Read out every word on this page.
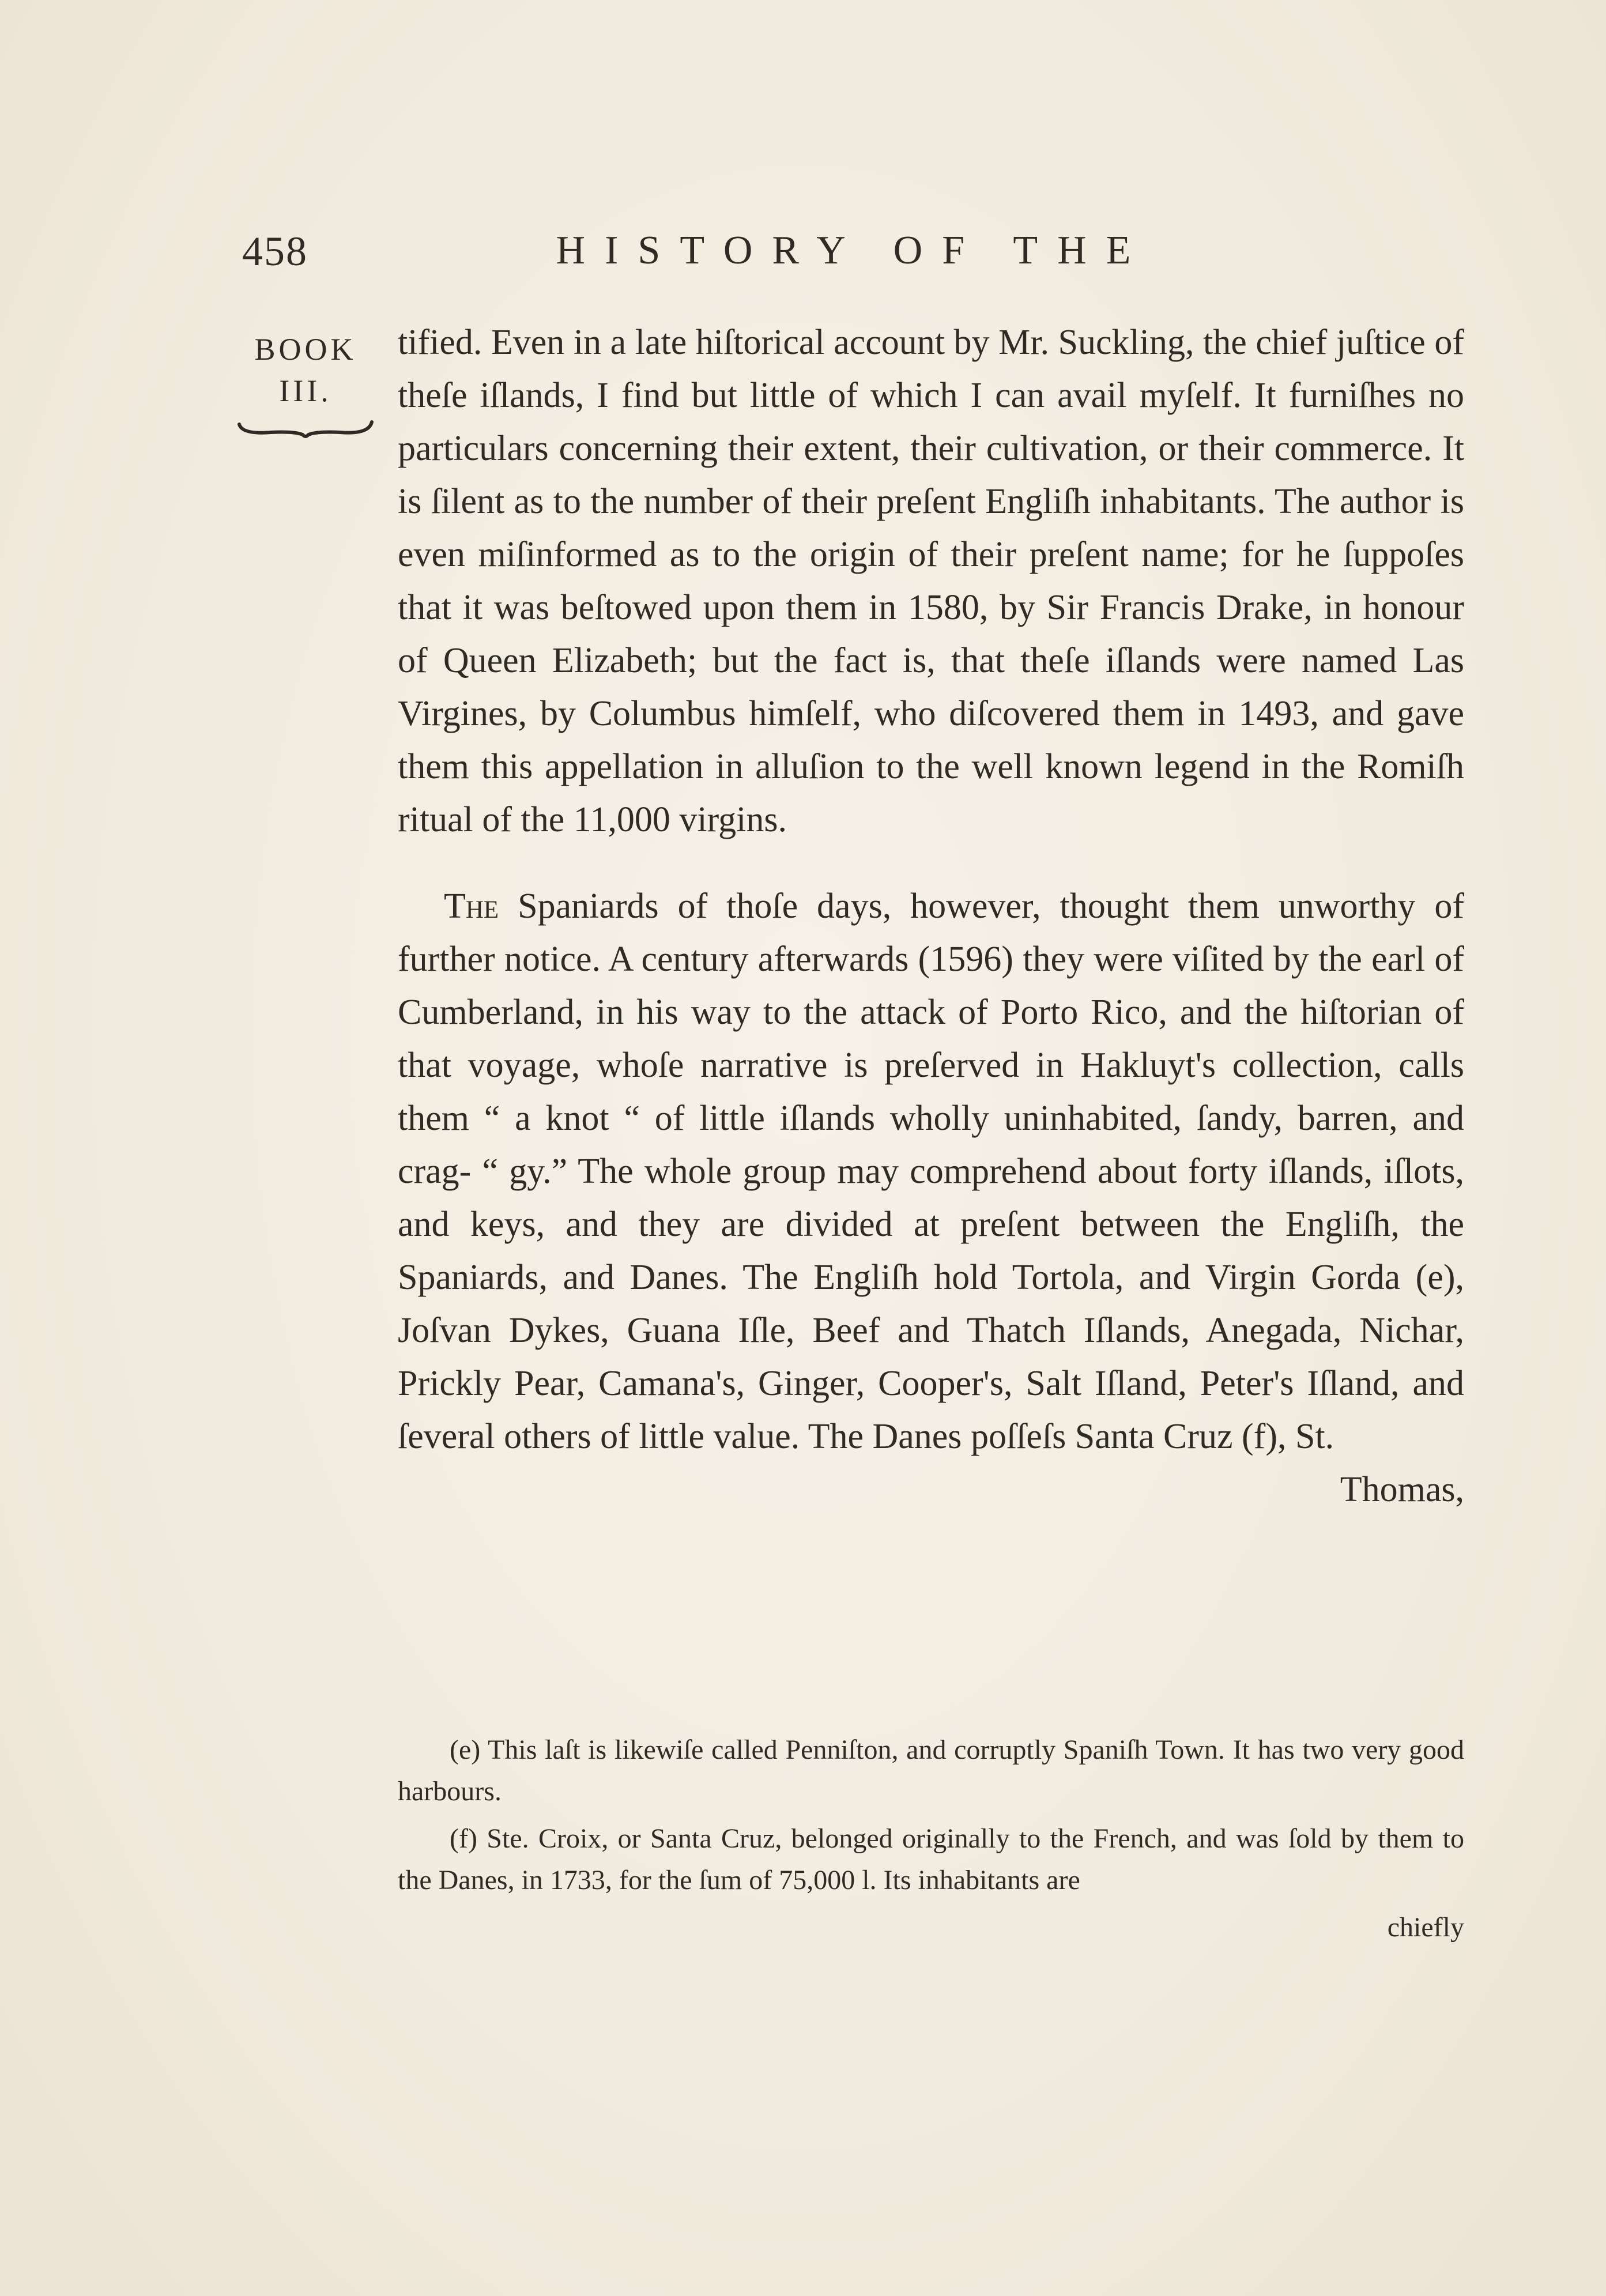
458	HISTORY OF THE
BOOK
III.

tified. Even in a late hiſtorical account by Mr. Suckling, the chief juſtice of theſe iſlands, I find but little of which I can avail myſelf. It furniſhes no particulars concerning their extent, their cultivation, or their commerce. It is ſilent as to the number of their preſent Engliſh inhabitants. The author is even miſinformed as to the origin of their preſent name; for he ſuppoſes that it was beſtowed upon them in 1580, by Sir Francis Drake, in honour of Queen Elizabeth; but the fact is, that theſe iſlands were named Las Virgines, by Columbus himſelf, who diſcovered them in 1493, and gave them this appellation in alluſion to the well known legend in the Romiſh ritual of the 11,000 virgins.

The Spaniards of thoſe days, however, thought them unworthy of further notice. A century afterwards (1596) they were viſited by the earl of Cumberland, in his way to the attack of Porto Rico, and the hiſtorian of that voyage, whoſe narrative is preſerved in Hakluyt's collection, calls them “ a knot “ of little iſlands wholly uninhabited, ſandy, barren, and crag- “ gy.” The whole group may comprehend about forty iſlands, iſlots, and keys, and they are divided at preſent between the Engliſh, the Spaniards, and Danes. The Engliſh hold Tortola, and Virgin Gorda (e), Joſvan Dykes, Guana Iſle, Beef and Thatch Iſlands, Anegada, Nichar, Prickly Pear, Camana's, Ginger, Cooper's, Salt Iſland, Peter's Iſland, and ſeveral others of little value. The Danes poſſeſs Santa Cruz (f), St.

Thomas,

(e) This laſt is likewiſe called Penniſton, and corruptly Spaniſh Town. It has two very good harbours.

(f) Ste. Croix, or Santa Cruz, belonged originally to the French, and was ſold by them to the Danes, in 1733, for the ſum of 75,000 l. Its inhabitants are

chiefly
